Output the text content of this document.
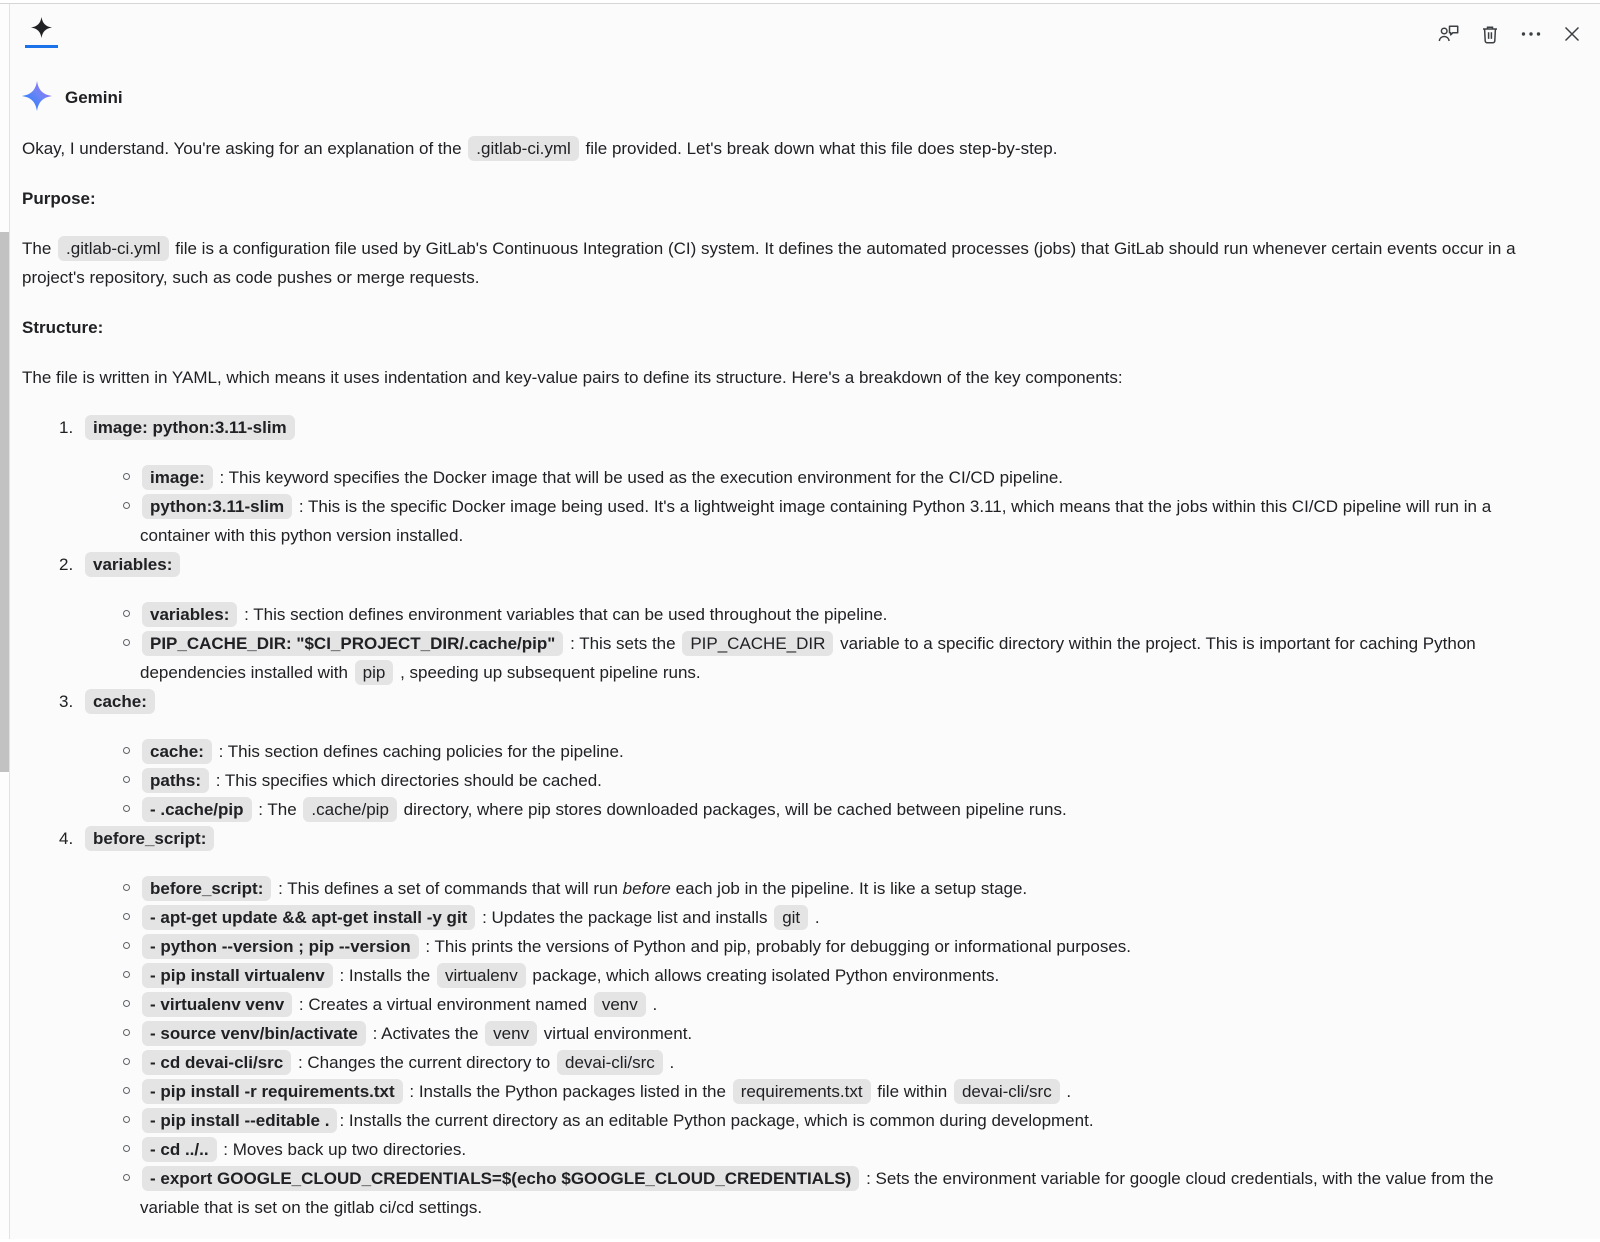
Gemini

Okay, I understand. You're asking for an explanation of the .gitlab-ci.yml file provided. Let's break down what this file does step-by-step.

Purpose:

The .gitlab-ci.yml file is a configuration file used by GitLab's Continuous Integration (CI) system. It defines the automated processes (jobs) that GitLab should run whenever certain events occur in a project's repository, such as code pushes or merge requests.

Structure:

The file is written in YAML, which means it uses indentation and key-value pairs to define its structure. Here's a breakdown of the key components:

1. image: python:3.11-slim
image: : This keyword specifies the Docker image that will be used as the execution environment for the CI/CD pipeline.
python:3.11-slim : This is the specific Docker image being used. It's a lightweight image containing Python 3.11, which means that the jobs within this CI/CD pipeline will run in a container with this python version installed.
2. variables:
variables: : This section defines environment variables that can be used throughout the pipeline.
PIP_CACHE_DIR: "$CI_PROJECT_DIR/.cache/pip" : This sets the PIP_CACHE_DIR variable to a specific directory within the project. This is important for caching Python dependencies installed with pip , speeding up subsequent pipeline runs.
3. cache:
cache: : This section defines caching policies for the pipeline.
paths: : This specifies which directories should be cached.
- .cache/pip : The .cache/pip directory, where pip stores downloaded packages, will be cached between pipeline runs.
4. before_script:
before_script: : This defines a set of commands that will run before each job in the pipeline. It is like a setup stage.
- apt-get update && apt-get install -y git : Updates the package list and installs git .
- python --version ; pip --version : This prints the versions of Python and pip, probably for debugging or informational purposes.
- pip install virtualenv : Installs the virtualenv package, which allows creating isolated Python environments.
- virtualenv venv : Creates a virtual environment named venv .
- source venv/bin/activate : Activates the venv virtual environment.
- cd devai-cli/src : Changes the current directory to devai-cli/src .
- pip install -r requirements.txt : Installs the Python packages listed in the requirements.txt file within devai-cli/src .
- pip install --editable . : Installs the current directory as an editable Python package, which is common during development.
- cd ../.. : Moves back up two directories.
- export GOOGLE_CLOUD_CREDENTIALS=$(echo $GOOGLE_CLOUD_CREDENTIALS) : Sets the environment variable for google cloud credentials, with the value from the variable that is set on the gitlab ci/cd settings.
